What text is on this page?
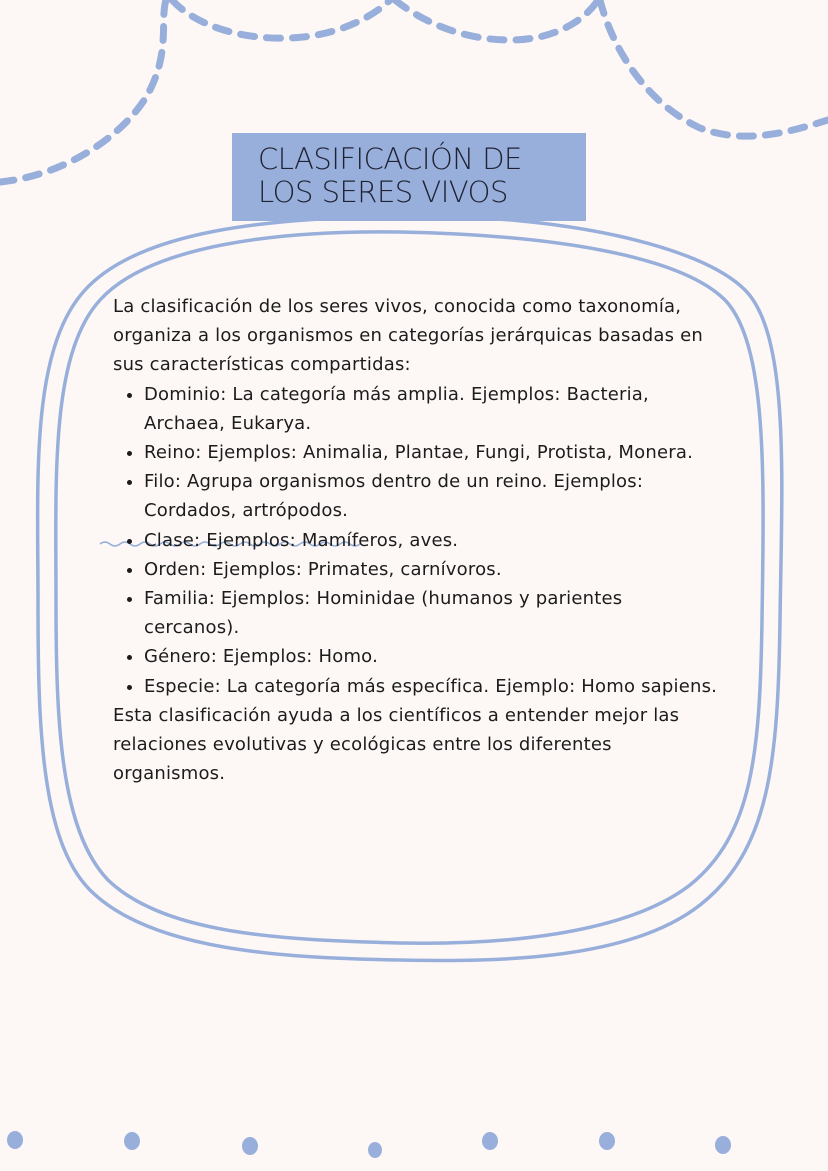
CLASIFICACIÓN DE
LOS SERES VIVOS

La clasificación de los seres vivos, conocida como taxonomía, organiza a los organismos en categorías jerárquicas basadas en sus características compartidas:

• Dominio: La categoría más amplia. Ejemplos: Bacteria, Archaea, Eukarya.
• Reino: Ejemplos: Animalia, Plantae, Fungi, Protista, Monera.
• Filo: Agrupa organismos dentro de un reino. Ejemplos: Cordados, artrópodos.
• Clase: Ejemplos: Mamíferos, aves.
• Orden: Ejemplos: Primates, carnívoros.
• Familia: Ejemplos: Hominidae (humanos y parientes cercanos).
• Género: Ejemplos: Homo.
• Especie: La categoría más específica. Ejemplo: Homo sapiens.

Esta clasificación ayuda a los científicos a entender mejor las relaciones evolutivas y ecológicas entre los diferentes organismos.
